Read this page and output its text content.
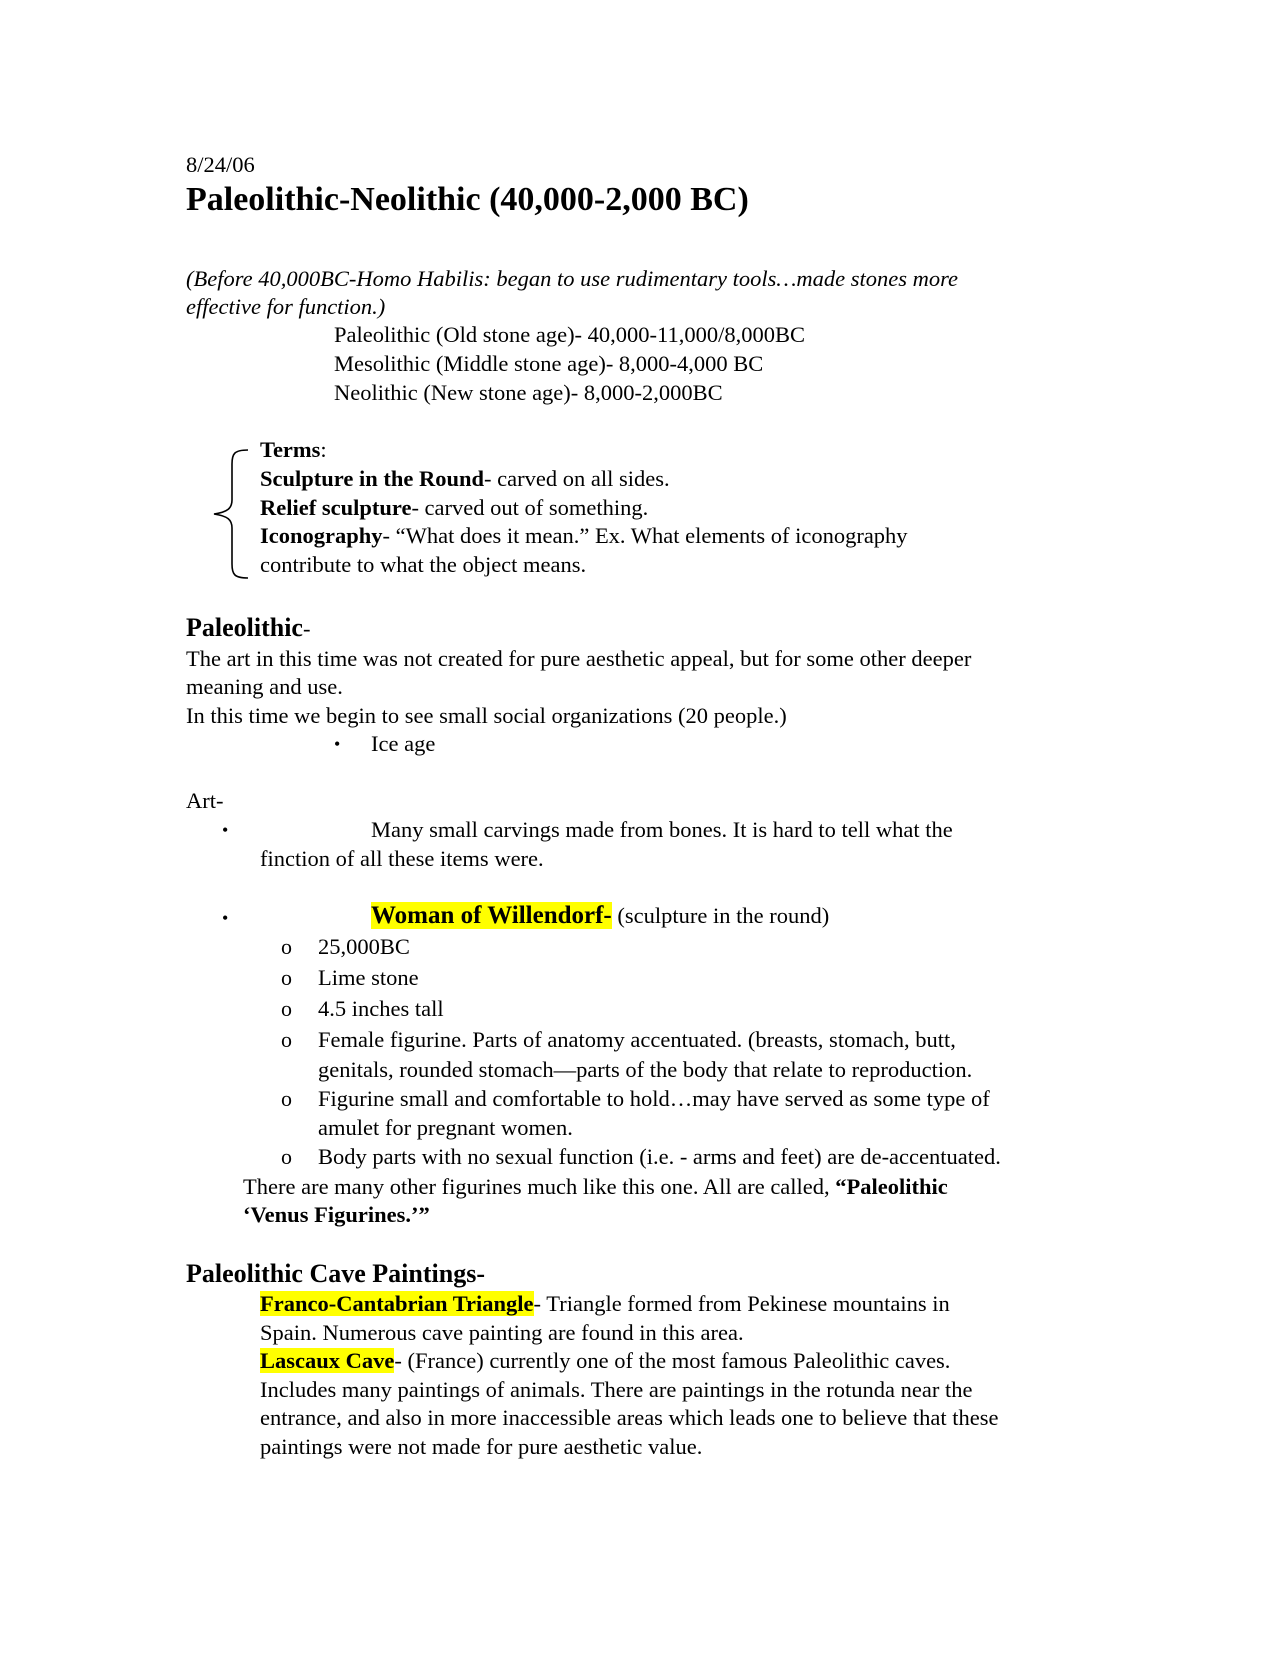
8/24/06
Paleolithic-Neolithic (40,000-2,000 BC)
(Before 40,000BC-Homo Habilis: began to use rudimentary tools…made stones more
effective for function.)
Paleolithic (Old stone age)- 40,000-11,000/8,000BC
Mesolithic (Middle stone age)- 8,000-4,000 BC
Neolithic (New stone age)- 8,000-2,000BC
Terms:
Sculpture in the Round- carved on all sides.
Relief sculpture- carved out of something.
Iconography- “What does it mean.” Ex. What elements of iconography
contribute to what the object means.
Paleolithic-
The art in this time was not created for pure aesthetic appeal, but for some other deeper
meaning and use.
In this time we begin to see small social organizations (20 people.)
• Ice age
Art-
•	Many small carvings made from bones. It is hard to tell what the
finction of all these items were.
•	Woman of Willendorf- (sculpture in the round)
o 25,000BC
o Lime stone
o 4.5 inches tall
o Female figurine. Parts of anatomy accentuated. (breasts, stomach, butt,
genitals, rounded stomach—parts of the body that relate to reproduction.
o Figurine small and comfortable to hold…may have served as some type of
amulet for pregnant women.
o Body parts with no sexual function (i.e. - arms and feet) are de-accentuated.
There are many other figurines much like this one. All are called, “Paleolithic
‘Venus Figurines.’”
Paleolithic Cave Paintings-
Franco-Cantabrian Triangle- Triangle formed from Pekinese mountains in
Spain. Numerous cave painting are found in this area.
Lascaux Cave- (France) currently one of the most famous Paleolithic caves.
Includes many paintings of animals. There are paintings in the rotunda near the
entrance, and also in more inaccessible areas which leads one to believe that these
paintings were not made for pure aesthetic value.
